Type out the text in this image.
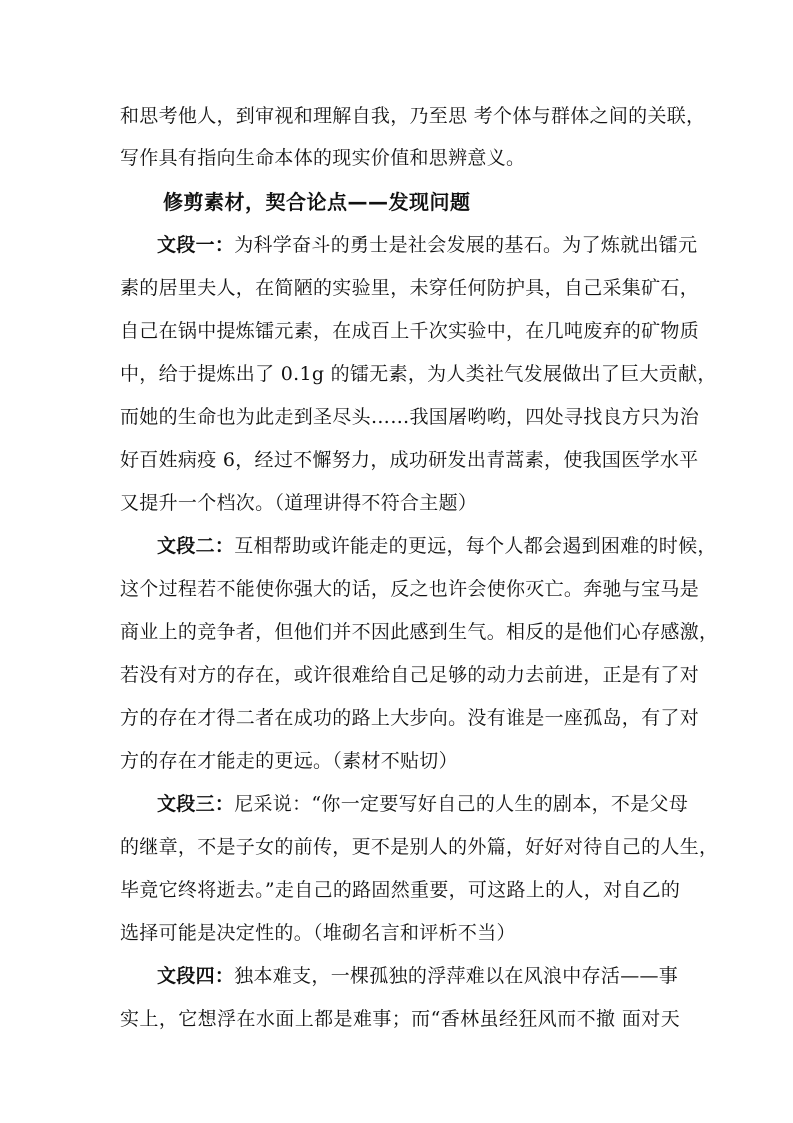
和思考他人，到审视和理解自我，乃至思 考个体与群体之间的关联，
写作具有指向生命本体的现实价值和思辨意义。
修剪素材，契合论点——发现问题
文段一：为科学奋斗的勇士是社会发展的基石。为了炼就出镭元
素的居里夫人，在简陋的实验里，未穿任何防护具，自己采集矿石，
自己在锅中提炼镭元素，在成百上千次实验中，在几吨废弃的矿物质
中，给于提炼出了 0.1g 的镭无素，为人类社气发展做出了巨大贡献，
而她的生命也为此走到圣尽头……我国屠哟哟，四处寻找良方只为治
好百姓病疫 6，经过不懈努力，成功研发出青蒿素，使我国医学水平
又提升一个档次。（道理讲得不符合主题）
文段二：互相帮助或许能走的更远，每个人都会遏到困难的时候，
这个过程若不能使你强大的话，反之也许会使你灭亡。奔驰与宝马是
商业上的竞争者，但他们并不因此感到生气。相反的是他们心存感激，
若没有对方的存在，或许很难给自己足够的动力去前进，正是有了对
方的存在才得二者在成功的路上大步向。没有谁是一座孤岛，有了对
方的存在才能走的更远。（素材不贴切）
文段三：尼采说：“你一定要写好自己的人生的剧本，不是父母
的继章，不是子女的前传，更不是别人的外篇，好好对待自己的人生，
毕竟它终将逝去。”走自己的路固然重要，可这路上的人，对自乙的
选择可能是决定性的。（堆砌名言和评析不当）
文段四：独本难支，一棵孤独的浮萍难以在风浪中存活——事
实上，它想浮在水面上都是难事；而“香林虽经狂风而不撤 面对天
